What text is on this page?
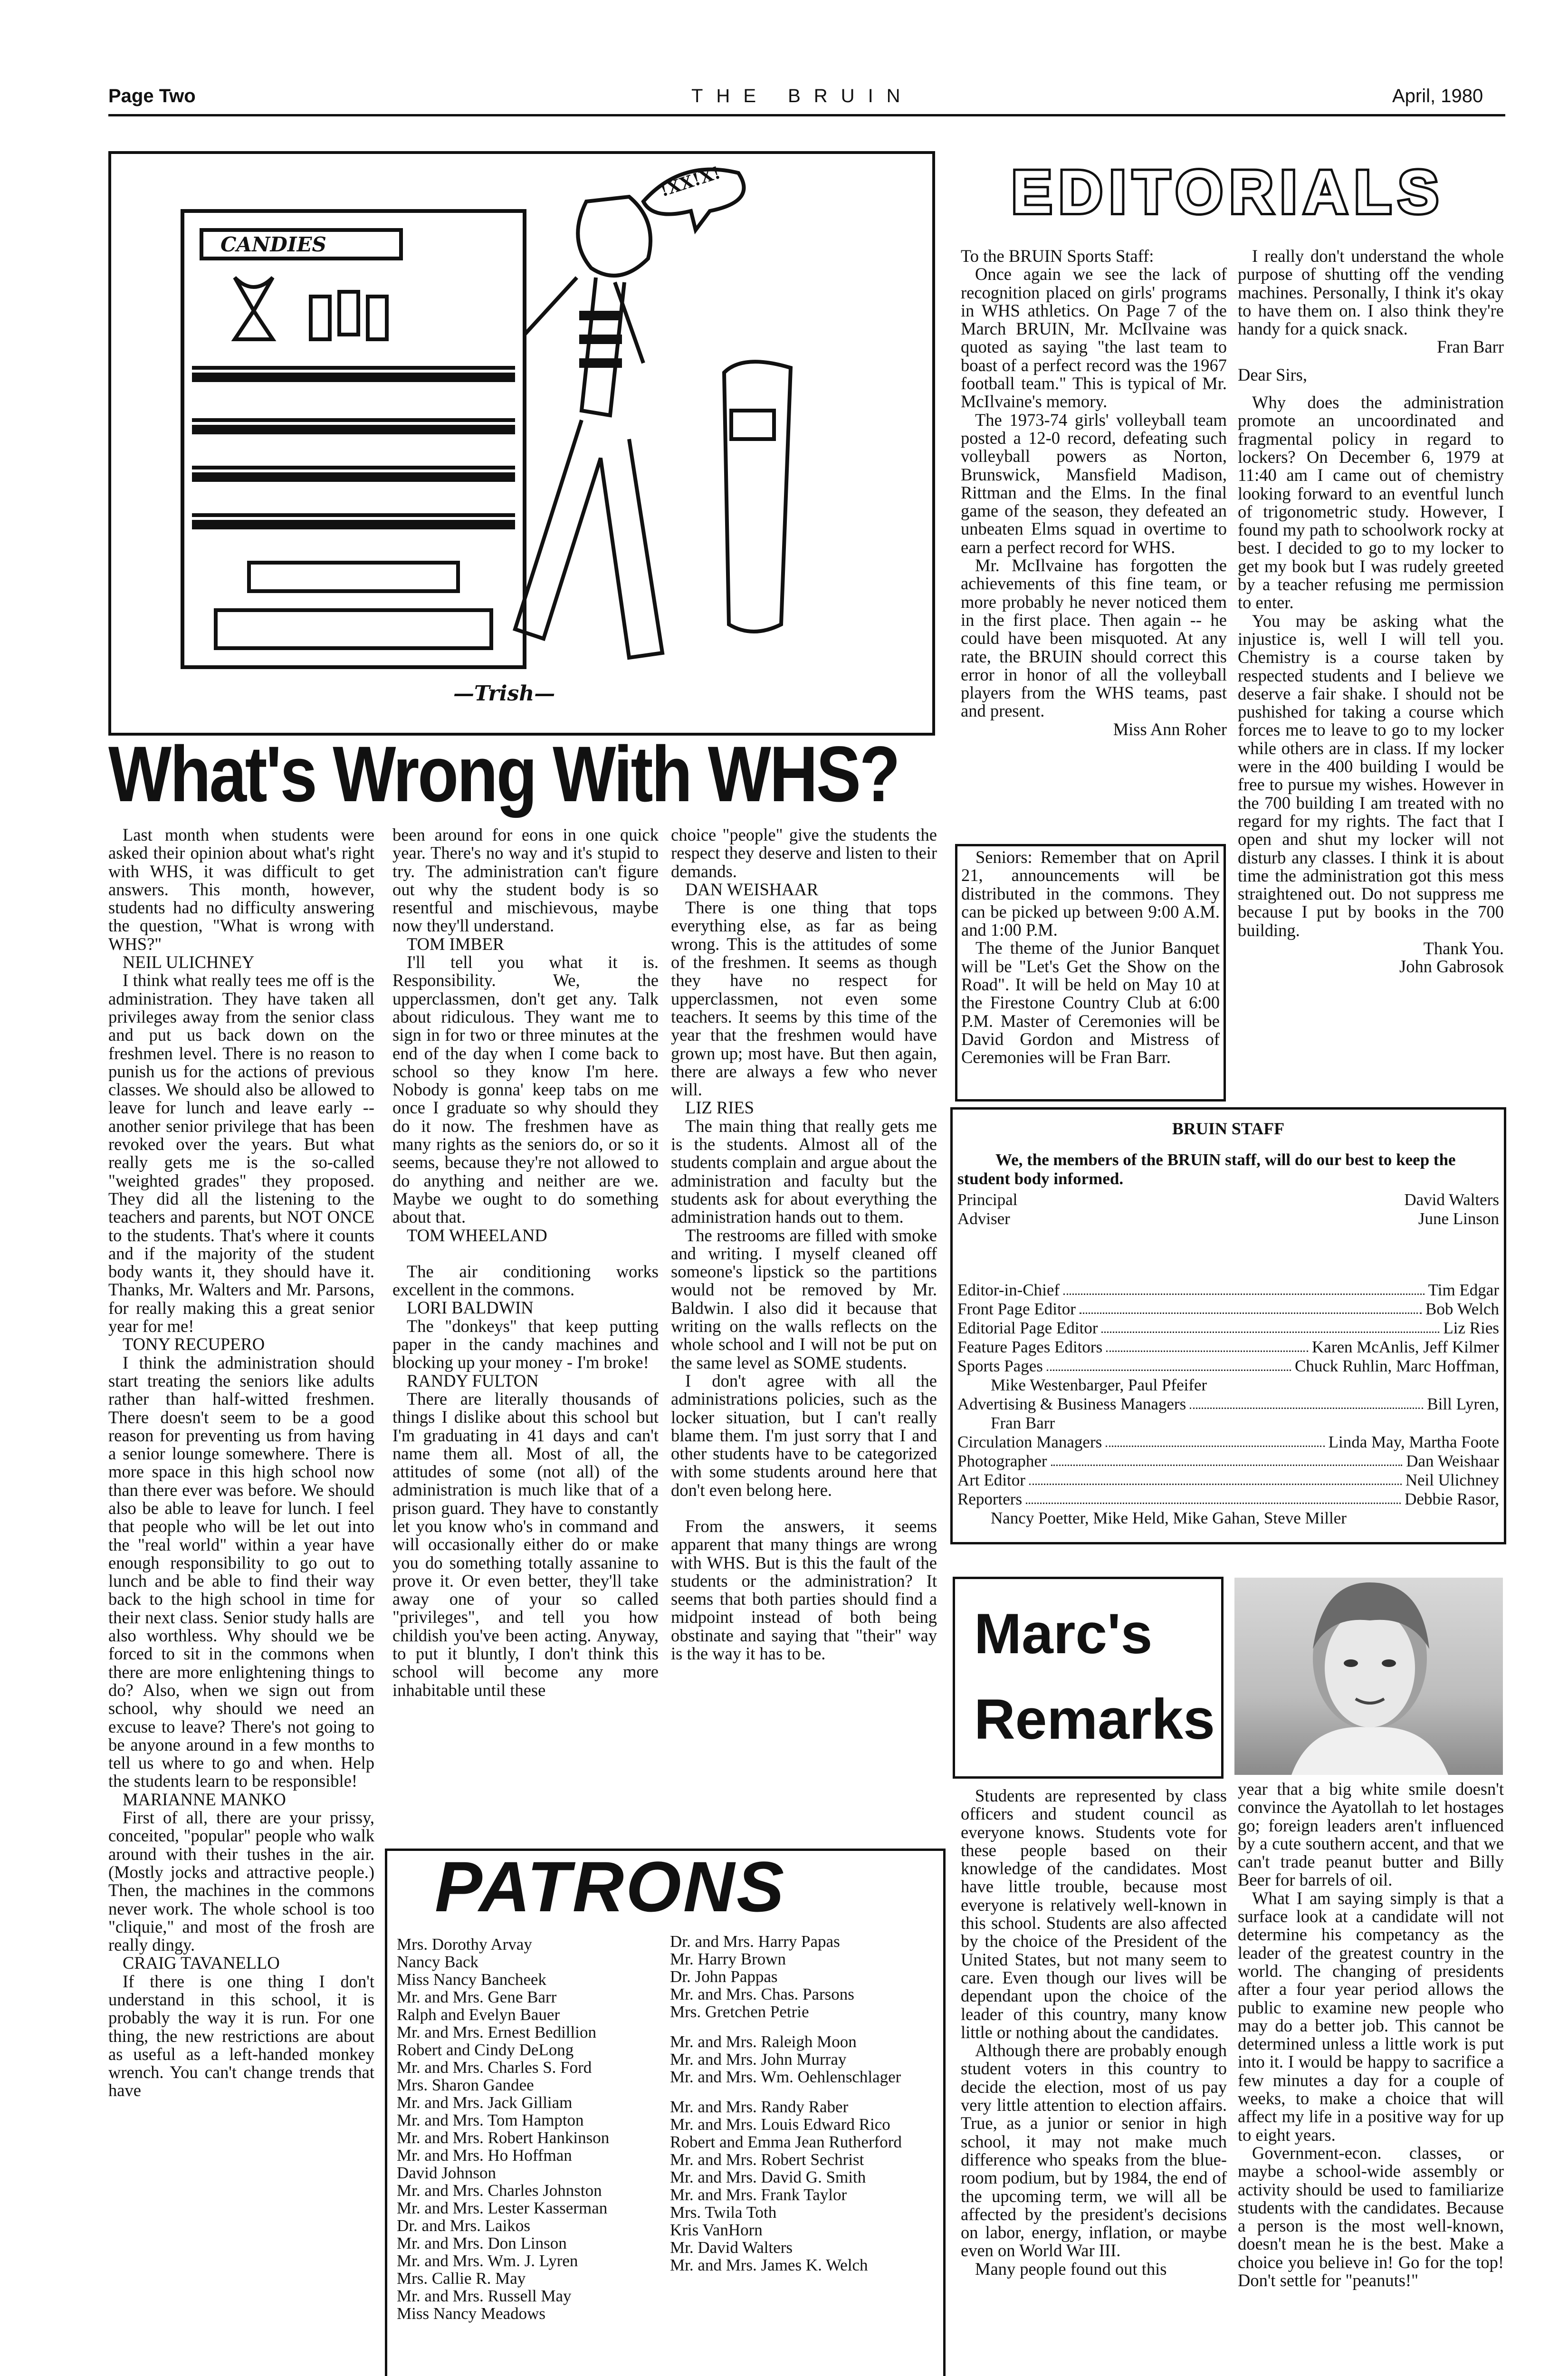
Page Two	THE BRUIN	April, 1980
CANDIES
!XX!X!
—Trish—
What's Wrong With WHS?
EDITORIALS

Last month when students were asked their opinion about what's right with WHS, it was difficult to get answers. This month, however, students had no difficulty answering the question, "What is wrong with WHS?"

NEIL ULICHNEY

I think what really tees me off is the administration. They have taken all privileges away from the senior class and put us back down on the freshmen level. There is no reason to punish us for the actions of previous classes. We should also be allowed to leave for lunch and leave early -- another senior privilege that has been revoked over the years. But what really gets me is the so-called "weighted grades" they proposed. They did all the listening to the teachers and parents, but NOT ONCE to the students. That's where it counts and if the majority of the student body wants it, they should have it. Thanks, Mr. Walters and Mr. Parsons, for really making this a great senior year for me!

TONY RECUPERO

I think the administration should start treating the seniors like adults rather than half-witted freshmen. There doesn't seem to be a good reason for preventing us from having a senior lounge somewhere. There is more space in this high school now than there ever was before. We should also be able to leave for lunch. I feel that people who will be let out into the "real world" within a year have enough responsibility to go out to lunch and be able to find their way back to the high school in time for their next class. Senior study halls are also worthless. Why should we be forced to sit in the commons when there are more enlightening things to do? Also, when we sign out from school, why should we need an excuse to leave? There's not going to be anyone around in a few months to tell us where to go and when. Help the students learn to be responsible!

MARIANNE MANKO

First of all, there are your prissy, conceited, "popular" people who walk around with their tushes in the air. (Mostly jocks and attractive people.) Then, the machines in the commons never work. The whole school is too "cliquie," and most of the frosh are really dingy.

CRAIG TAVANELLO

If there is one thing I don't understand in this school, it is probably the way it is run. For one thing, the new restrictions are about as useful as a left-handed monkey wrench. You can't change trends that have

been around for eons in one quick year. There's no way and it's stupid to try. The administration can't figure out why the student body is so resentful and mischievous, maybe now they'll understand.

TOM IMBER

I'll tell you what it is. Responsibility. We, the upperclassmen, don't get any. Talk about ridiculous. They want me to sign in for two or three minutes at the end of the day when I come back to school so they know I'm here. Nobody is gonna' keep tabs on me once I graduate so why should they do it now. The freshmen have as many rights as the seniors do, or so it seems, because they're not allowed to do anything and neither are we. Maybe we ought to do something about that.

TOM WHEELAND

The air conditioning works excellent in the commons.

LORI BALDWIN

The "donkeys" that keep putting paper in the candy machines and blocking up your money - I'm broke!

RANDY FULTON

There are literally thousands of things I dislike about this school but I'm graduating in 41 days and can't name them all. Most of all, the attitudes of some (not all) of the administration is much like that of a prison guard. They have to constantly let you know who's in command and will occasionally either do or make you do something totally assanine to prove it. Or even better, they'll take away one of your so called "privileges", and tell you how childish you've been acting. Anyway, to put it bluntly, I don't think this school will become any more inhabitable until these

choice "people" give the students the respect they deserve and listen to their demands.

DAN WEISHAAR

There is one thing that tops everything else, as far as being wrong. This is the attitudes of some of the freshmen. It seems as though they have no respect for upperclassmen, not even some teachers. It seems by this time of the year that the freshmen would have grown up; most have. But then again, there are always a few who never will.

LIZ RIES

The main thing that really gets me is the students. Almost all of the students complain and argue about the administration and faculty but the students ask for about everything the administration hands out to them.

The restrooms are filled with smoke and writing. I myself cleaned off someone's lipstick so the partitions would not be removed by Mr. Baldwin. I also did it because that writing on the walls reflects on the whole school and I will not be put on the same level as SOME students.

I don't agree with all the administrations policies, such as the locker situation, but I can't really blame them. I'm just sorry that I and other students have to be categorized with some students around here that don't even belong here.

From the answers, it seems apparent that many things are wrong with WHS. But is this the fault of the students or the administration? It seems that both parties should find a midpoint instead of both being obstinate and saying that "their" way is the way it has to be.

To the BRUIN Sports Staff:

Once again we see the lack of recognition placed on girls' programs in WHS athletics. On Page 7 of the March BRUIN, Mr. McIlvaine was quoted as saying "the last team to boast of a perfect record was the 1967 football team." This is typical of Mr. McIlvaine's memory.

The 1973-74 girls' volleyball team posted a 12-0 record, defeating such volleyball powers as Norton, Brunswick, Mansfield Madison, Rittman and the Elms. In the final game of the season, they defeated an unbeaten Elms squad in overtime to earn a perfect record for WHS.

Mr. McIlvaine has forgotten the achievements of this fine team, or more probably he never noticed them in the first place. Then again -- he could have been misquoted. At any rate, the BRUIN should correct this error in honor of all the volleyball players from the WHS teams, past and present.

Miss Ann Roher

Seniors: Remember that on April 21, announcements will be distributed in the commons. They can be picked up between 9:00 A.M. and 1:00 P.M.

The theme of the Junior Banquet will be "Let's Get the Show on the Road". It will be held on May 10 at the Firestone Country Club at 6:00 P.M. Master of Ceremonies will be David Gordon and Mistress of Ceremonies will be Fran Barr.

I really don't understand the whole purpose of shutting off the vending machines. Personally, I think it's okay to have them on. I also think they're handy for a quick snack.

Fran Barr

Dear Sirs,

Why does the administration promote an uncoordinated and fragmental policy in regard to lockers? On December 6, 1979 at 11:40 am I came out of chemistry looking forward to an eventful lunch of trigonometric study. However, I found my path to schoolwork rocky at best. I decided to go to my locker to get my book but I was rudely greeted by a teacher refusing me permission to enter.

You may be asking what the injustice is, well I will tell you. Chemistry is a course taken by respected students and I believe we deserve a fair shake. I should not be pushished for taking a course which forces me to leave to go to my locker while others are in class. If my locker were in the 400 building I would be free to pursue my wishes. However in the 700 building I am treated with no regard for my rights. The fact that I open and shut my locker will not disturb any classes. I think it is about time the administration got this mess straightened out. Do not suppress me because I put by books in the 700 building.

Thank You.

John Gabrosok

BRUIN STAFF
We, the members of the BRUIN staff, will do our best to keep the student body informed.
Principal	David Walters
Adviser	June Linson
Editor-in-Chief	Tim Edgar
Front Page Editor	Bob Welch
Editorial Page Editor	Liz Ries
Feature Pages Editors	Karen McAnlis, Jeff Kilmer
Sports Pages	Chuck Ruhlin, Marc Hoffman,
Mike Westenbarger, Paul Pfeifer
Advertising & Business Managers	Bill Lyren,
Fran Barr
Circulation Managers	Linda May, Martha Foote
Photographer	Dan Weishaar
Art Editor	Neil Ulichney
Reporters	Debbie Rasor,
Nancy Poetter, Mike Held, Mike Gahan, Steve Miller
Marc's
Remarks

Students are represented by class officers and student council as everyone knows. Students vote for these people based on their knowledge of the candidates. Most have little trouble, because most everyone is relatively well-known in this school. Students are also affected by the choice of the President of the United States, but not many seem to care. Even though our lives will be dependant upon the choice of the leader of this country, many know little or nothing about the candidates.

Although there are probably enough student voters in this country to decide the election, most of us pay very little attention to election affairs. True, as a junior or senior in high school, it may not make much difference who speaks from the blue-room podium, but by 1984, the end of the upcoming term, we will all be affected by the president's decisions on labor, energy, inflation, or maybe even on World War III.

Many people found out this

year that a big white smile doesn't convince the Ayatollah to let hostages go; foreign leaders aren't influenced by a cute southern accent, and that we can't trade peanut butter and Billy Beer for barrels of oil.

What I am saying simply is that a surface look at a candidate will not determine his competancy as the leader of the greatest country in the world. The changing of presidents after a four year period allows the public to examine new people who may do a better job. This cannot be determined unless a little work is put into it. I would be happy to sacrifice a few minutes a day for a couple of weeks, to make a choice that will affect my life in a positive way for up to eight years.

Government-econ. classes, or maybe a school-wide assembly or activity should be used to familiarize students with the candidates. Because a person is the most well-known, doesn't mean he is the best. Make a choice you believe in! Go for the top! Don't settle for "peanuts!"

PATRONS
Mrs. Dorothy Arvay
Nancy Back
Miss Nancy Bancheek
Mr. and Mrs. Gene Barr
Ralph and Evelyn Bauer
Mr. and Mrs. Ernest Bedillion
Robert and Cindy DeLong
Mr. and Mrs. Charles S. Ford
Mrs. Sharon Gandee
Mr. and Mrs. Jack Gilliam
Mr. and Mrs. Tom Hampton
Mr. and Mrs. Robert Hankinson
Mr. and Mrs. Ho Hoffman
David Johnson
Mr. and Mrs. Charles Johnston
Mr. and Mrs. Lester Kasserman
Dr. and Mrs. Laikos
Mr. and Mrs. Don Linson
Mr. and Mrs. Wm. J. Lyren
Mrs. Callie R. May
Mr. and Mrs. Russell May
Miss Nancy Meadows
Dr. and Mrs. Harry Papas
Mr. Harry Brown
Dr. John Pappas
Mr. and Mrs. Chas. Parsons
Mrs. Gretchen Petrie
Mr. and Mrs. Raleigh Moon
Mr. and Mrs. John Murray
Mr. and Mrs. Wm. Oehlenschlager
Mr. and Mrs. Randy Raber
Mr. and Mrs. Louis Edward Rico
Robert and Emma Jean Rutherford
Mr. and Mrs. Robert Sechrist
Mr. and Mrs. David G. Smith
Mr. and Mrs. Frank Taylor
Mrs. Twila Toth
Kris VanHorn
Mr. David Walters
Mr. and Mrs. James K. Welch
